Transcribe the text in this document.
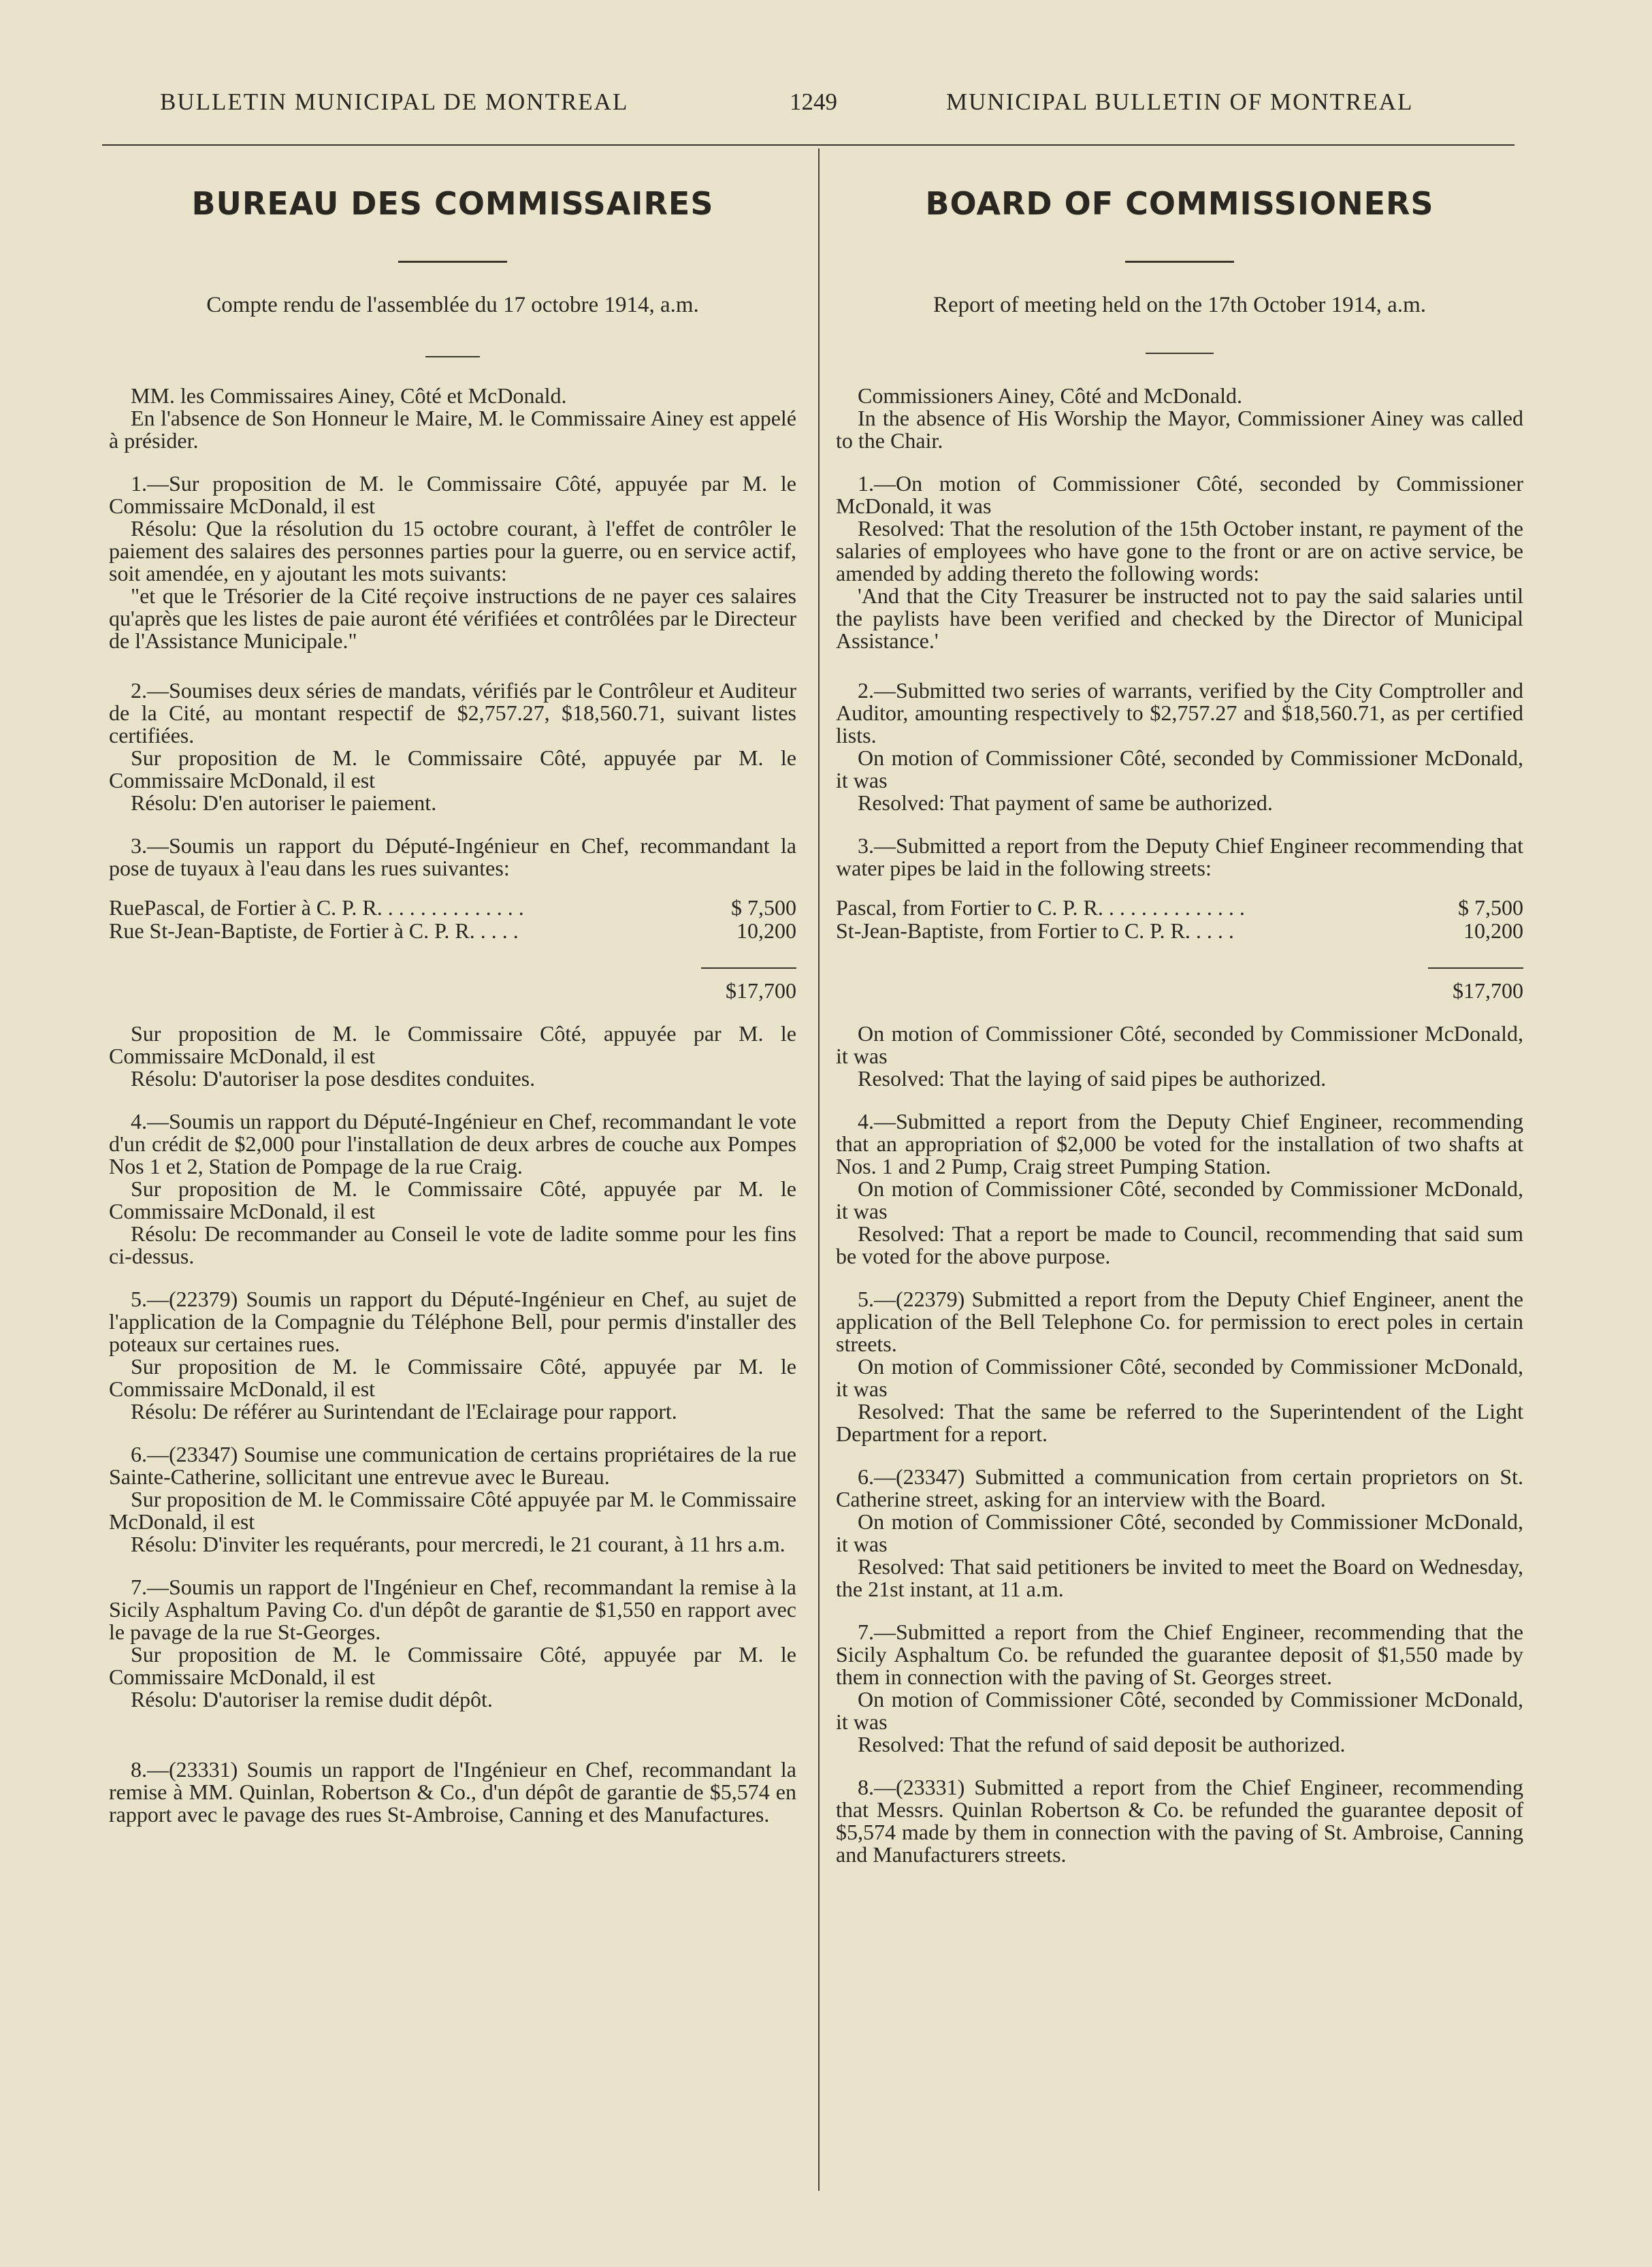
BULLETIN MUNICIPAL DE MONTREAL	1249	MUNICIPAL BULLETIN OF MONTREAL
BUREAU DES COMMISSAIRES
Compte rendu de l'assemblée du 17 octobre 1914, a.m.

MM. les Commissaires Ainey, Côté et McDonald.

En l'absence de Son Honneur le Maire, M. le Commissaire Ainey est appelé à présider.

1.—Sur proposition de M. le Commissaire Côté, appuyée par M. le Commissaire McDonald, il est

Résolu: Que la résolution du 15 octobre courant, à l'effet de contrôler le paiement des salaires des personnes parties pour la guerre, ou en service actif, soit amendée, en y ajoutant les mots suivants:

"et que le Trésorier de la Cité reçoive instructions de ne payer ces salaires qu'après que les listes de paie auront été vérifiées et contrôlées par le Directeur de l'Assistance Municipale."

2.—Soumises deux séries de mandats, vérifiés par le Contrôleur et Auditeur de la Cité, au montant respectif de $2,757.27, $18,560.71, suivant listes certifiées.

Sur proposition de M. le Commissaire Côté, appuyée par M. le Commissaire McDonald, il est

Résolu: D'en autoriser le paiement.

3.—Soumis un rapport du Député-Ingénieur en Chef, recommandant la pose de tuyaux à l'eau dans les rues suivantes:

RuePascal, de Fortier à C. P. R. . . . . . . . . . . . . .	$ 7,500
Rue St-Jean-Baptiste, de Fortier à C. P. R. . . . .	10,200
$17,700

Sur proposition de M. le Commissaire Côté, appuyée par M. le Commissaire McDonald, il est

Résolu: D'autoriser la pose desdites conduites.

4.—Soumis un rapport du Député-Ingénieur en Chef, recommandant le vote d'un crédit de $2,000 pour l'installation de deux arbres de couche aux Pompes Nos 1 et 2, Station de Pompage de la rue Craig.

Sur proposition de M. le Commissaire Côté, appuyée par M. le Commissaire McDonald, il est

Résolu: De recommander au Conseil le vote de ladite somme pour les fins ci-dessus.

5.—(22379) Soumis un rapport du Député-Ingénieur en Chef, au sujet de l'application de la Compagnie du Téléphone Bell, pour permis d'installer des poteaux sur certaines rues.

Sur proposition de M. le Commissaire Côté, appuyée par M. le Commissaire McDonald, il est

Résolu: De référer au Surintendant de l'Eclairage pour rapport.

6.—(23347) Soumise une communication de certains propriétaires de la rue Sainte-Catherine, sollicitant une entrevue avec le Bureau.

Sur proposition de M. le Commissaire Côté appuyée par M. le Commissaire McDonald, il est

Résolu: D'inviter les requérants, pour mercredi, le 21 courant, à 11 hrs a.m.

7.—Soumis un rapport de l'Ingénieur en Chef, recommandant la remise à la Sicily Asphaltum Paving Co. d'un dépôt de garantie de $1,550 en rapport avec le pavage de la rue St-Georges.

Sur proposition de M. le Commissaire Côté, appuyée par M. le Commissaire McDonald, il est

Résolu: D'autoriser la remise dudit dépôt.

8.—(23331) Soumis un rapport de l'Ingénieur en Chef, recommandant la remise à MM. Quinlan, Robertson & Co., d'un dépôt de garantie de $5,574 en rapport avec le pavage des rues St-Ambroise, Canning et des Manufactures.

BOARD OF COMMISSIONERS
Report of meeting held on the 17th October 1914, a.m.

Commissioners Ainey, Côté and McDonald.

In the absence of His Worship the Mayor, Commissioner Ainey was called to the Chair.

1.—On motion of Commissioner Côté, seconded by Commissioner McDonald, it was

Resolved: That the resolution of the 15th October instant, re payment of the salaries of employees who have gone to the front or are on active service, be amended by adding thereto the following words:

'And that the City Treasurer be instructed not to pay the said salaries until the paylists have been verified and checked by the Director of Municipal Assistance.'

2.—Submitted two series of warrants, verified by the City Comptroller and Auditor, amounting respectively to $2,757.27 and $18,560.71, as per certified lists.

On motion of Commissioner Côté, seconded by Commissioner McDonald, it was

Resolved: That payment of same be authorized.

3.—Submitted a report from the Deputy Chief Engineer recommending that water pipes be laid in the following streets:

Pascal, from Fortier to C. P. R. . . . . . . . . . . . . .	$ 7,500
St-Jean-Baptiste, from Fortier to C. P. R. . . . .	10,200
$17,700

On motion of Commissioner Côté, seconded by Commissioner McDonald, it was

Resolved: That the laying of said pipes be authorized.

4.—Submitted a report from the Deputy Chief Engineer, recommending that an appropriation of $2,000 be voted for the installation of two shafts at Nos. 1 and 2 Pump, Craig street Pumping Station.

On motion of Commissioner Côté, seconded by Commissioner McDonald, it was

Resolved: That a report be made to Council, recommending that said sum be voted for the above purpose.

5.—(22379) Submitted a report from the Deputy Chief Engineer, anent the application of the Bell Telephone Co. for permission to erect poles in certain streets.

On motion of Commissioner Côté, seconded by Commissioner McDonald, it was

Resolved: That the same be referred to the Superintendent of the Light Department for a report.

6.—(23347) Submitted a communication from certain proprietors on St. Catherine street, asking for an interview with the Board.

On motion of Commissioner Côté, seconded by Commissioner McDonald, it was

Resolved: That said petitioners be invited to meet the Board on Wednesday, the 21st instant, at 11 a.m.

7.—Submitted a report from the Chief Engineer, recommending that the Sicily Asphaltum Co. be refunded the guarantee deposit of $1,550 made by them in connection with the paving of St. Georges street.

On motion of Commissioner Côté, seconded by Commissioner McDonald, it was

Resolved: That the refund of said deposit be authorized.

8.—(23331) Submitted a report from the Chief Engineer, recommending that Messrs. Quinlan Robertson & Co. be refunded the guarantee deposit of $5,574 made by them in connection with the paving of St. Ambroise, Canning and Manufacturers streets.
